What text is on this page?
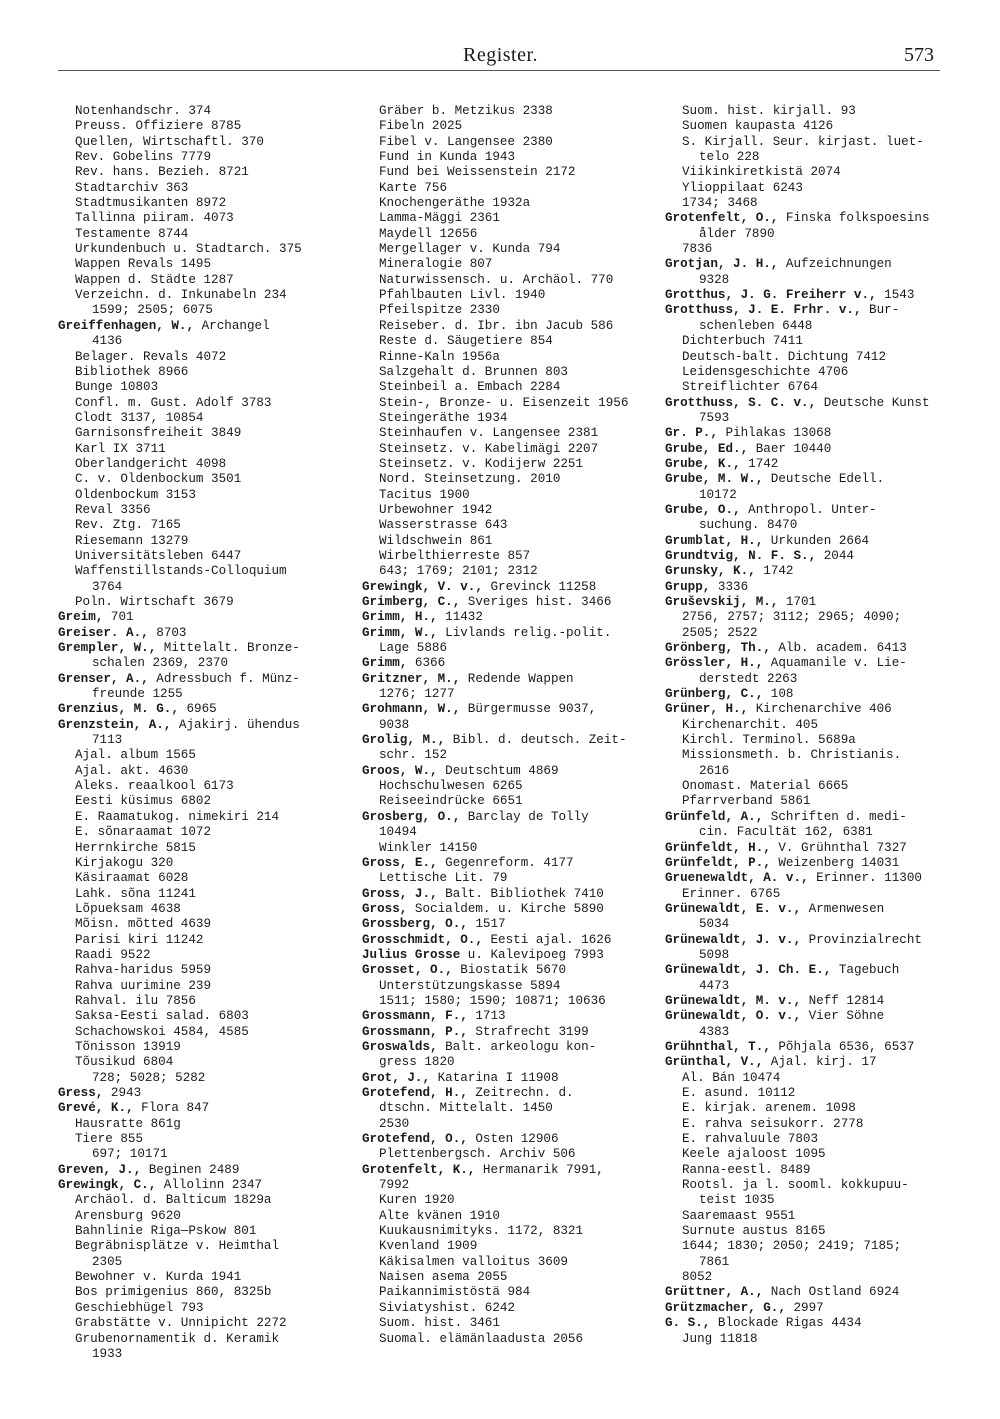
Register.	573
Notenhandschr. 374
Preuss. Offiziere 8785
Quellen, Wirtschaftl. 370
Rev. Gobelins 7779
Rev. hans. Bezieh. 8721
Stadtarchiv 363
Stadtmusikanten 8972
Tallinna piiram. 4073
Testamente 8744
Urkundenbuch u. Stadtarch. 375
Wappen Revals 1495
Wappen d. Städte 1287
Verzeichn. d. Inkunabeln 234
1599; 2505; 6075
Greiffenhagen, W., Archangel
4136
Belager. Revals 4072
Bibliothek 8966
Bunge 10803
Confl. m. Gust. Adolf 3783
Clodt 3137, 10854
Garnisonsfreiheit 3849
Karl IX 3711
Oberlandgericht 4098
C. v. Oldenbockum 3501
Oldenbockum 3153
Reval 3356
Rev. Ztg. 7165
Riesemann 13279
Universitätsleben 6447
Waffenstillstands-Colloquium
3764
Poln. Wirtschaft 3679
Greim, 701
Greiser. A., 8703
Grempler, W., Mittelalt. Bronze-
schalen 2369, 2370
Grenser, A., Adressbuch f. Münz-
freunde 1255
Grenzius, M. G., 6965
Grenzstein, A., Ajakirj. ühendus
7113
Ajal. album 1565
Ajal. akt. 4630
Aleks. reaalkool 6173
Eesti küsimus 6802
E. Raamatukog. nimekiri 214
E. sõnaraamat 1072
Herrnkirche 5815
Kirjakogu 320
Käsiraamat 6028
Lahk. sõna 11241
Lõpueksam 4638
Mõisn. mõtted 4639
Parisi kiri 11242
Raadi 9522
Rahva-haridus 5959
Rahva uurimine 239
Rahval. ilu 7856
Saksa-Eesti salad. 6803
Schachowskoi 4584, 4585
Tõnisson 13919
Tõusikud 6804
728; 5028; 5282
Gress, 2943
Grevé, K., Flora 847
Hausratte 861g
Tiere 855
697; 10171
Greven, J., Beginen 2489
Grewingk, C., Allolinn 2347
Archäol. d. Balticum 1829a
Arensburg 9620
Bahnlinie Riga—Pskow 801
Begräbnisplätze v. Heimthal
2305
Bewohner v. Kurda 1941
Bos primigenius 860, 8325b
Geschiebhügel 793
Grabstätte v. Unnipicht 2272
Grubenornamentik d. Keramik
1933
Gräber b. Metzikus 2338
Fibeln 2025
Fibel v. Langensee 2380
Fund in Kunda 1943
Fund bei Weissenstein 2172
Karte 756
Knochengeräthe 1932a
Lamma-Mäggi 2361
Maydell 12656
Mergellager v. Kunda 794
Mineralogie 807
Naturwissensch. u. Archäol. 770
Pfahlbauten Livl. 1940
Pfeilspitze 2330
Reiseber. d. Ibr. ibn Jacub 586
Reste d. Säugetiere 854
Rinne-Kaln 1956a
Salzgehalt d. Brunnen 803
Steinbeil a. Embach 2284
Stein-, Bronze- u. Eisenzeit 1956
Steingeräthe 1934
Steinhaufen v. Langensee 2381
Steinsetz. v. Kabelimägi 2207
Steinsetz. v. Kodijerw 2251
Nord. Steinsetzung. 2010
Tacitus 1900
Urbewohner 1942
Wasserstrasse 643
Wildschwein 861
Wirbelthierreste 857
643; 1769; 2101; 2312
Grewingk, V. v., Grevinck 11258
Grimberg, C., Sveriges hist. 3466
Grimm, H., 11432
Grimm, W., Livlands relig.-polit.
Lage 5886
Grimm, 6366
Gritzner, M., Redende Wappen
1276; 1277
Grohmann, W., Bürgermusse 9037,
9038
Grolig, M., Bibl. d. deutsch. Zeit-
schr. 152
Groos, W., Deutschtum 4869
Hochschulwesen 6265
Reiseeindrücke 6651
Grosberg, O., Barclay de Tolly
10494
Winkler 14150
Gross, E., Gegenreform. 4177
Lettische Lit. 79
Gross, J., Balt. Bibliothek 7410
Gross, Socialdem. u. Kirche 5890
Grossberg, O., 1517
Grosschmidt, O., Eesti ajal. 1626
Julius Grosse u. Kalevipoeg 7993
Grosset, O., Biostatik 5670
Unterstützungskasse 5894
1511; 1580; 1590; 10871; 10636
Grossmann, F., 1713
Grossmann, P., Strafrecht 3199
Groswalds, Balt. arkeologu kon-
gress 1820
Grot, J., Katarina I 11908
Grotefend, H., Zeitrechn. d.
dtschn. Mittelalt. 1450
2530
Grotefend, O., Osten 12906
Plettenbergsch. Archiv 506
Grotenfelt, K., Hermanarik 7991,
7992
Kuren 1920
Alte kvänen 1910
Kuukausnimityks. 1172, 8321
Kvenland 1909
Käkisalmen valloitus 3609
Naisen asema 2055
Paikannimistöstä 984
Siviatyshist. 6242
Suom. hist. 3461
Suomal. elämänlaadusta 2056
Suom. hist. kirjall. 93
Suomen kaupasta 4126
S. Kirjall. Seur. kirjast. luet-
telo 228
Viikinkiretkistä 2074
Ylioppilaat 6243
1734; 3468
Grotenfelt, O., Finska folkspoesins
ålder 7890
7836
Grotjan, J. H., Aufzeichnungen
9328
Grotthus, J. G. Freiherr v., 1543
Grotthuss, J. E. Frhr. v., Bur-
schenleben 6448
Dichterbuch 7411
Deutsch-balt. Dichtung 7412
Leidensgeschichte 4706
Streiflichter 6764
Grotthuss, S. C. v., Deutsche Kunst
7593
Gr. P., Pihlakas 13068
Grube, Ed., Baer 10440
Grube, K., 1742
Grube, M. W., Deutsche Edell.
10172
Grube, O., Anthropol. Unter-
suchung. 8470
Grumblat, H., Urkunden 2664
Grundtvig, N. F. S., 2044
Grunsky, K., 1742
Grupp, 3336
Gruševskij, M., 1701
2756, 2757; 3112; 2965; 4090;
2505; 2522
Grönberg, Th., Alb. academ. 6413
Grössler, H., Aquamanile v. Lie-
derstedt 2263
Grünberg, C., 108
Grüner, H., Kirchenarchive 406
Kirchenarchit. 405
Kirchl. Terminol. 5689a
Missionsmeth. b. Christianis.
2616
Onomast. Material 6665
Pfarrverband 5861
Grünfeld, A., Schriften d. medi-
cin. Facultät 162, 6381
Grünfeldt, H., V. Grühnthal 7327
Grünfeldt, P., Weizenberg 14031
Gruenewaldt, A. v., Erinner. 11300
Erinner. 6765
Grünewaldt, E. v., Armenwesen
5034
Grünewaldt, J. v., Provinzialrecht
5098
Grünewaldt, J. Ch. E., Tagebuch
4473
Grünewaldt, M. v., Neff 12814
Grünewaldt, O. v., Vier Söhne
4383
Grühnthal, T., Põhjala 6536, 6537
Grünthal, V., Ajal. kirj. 17
Al. Bán 10474
E. asund. 10112
E. kirjak. arenem. 1098
E. rahva seisukorr. 2778
E. rahvaluule 7803
Keele ajaloost 1095
Ranna-eestl. 8489
Rootsl. ja l. sooml. kokkupuu-
teist 1035
Saaremaast 9551
Surnute austus 8165
1644; 1830; 2050; 2419; 7185;
7861
8052
Grüttner, A., Nach Ostland 6924
Grützmacher, G., 2997
G. S., Blockade Rigas 4434
Jung 11818
